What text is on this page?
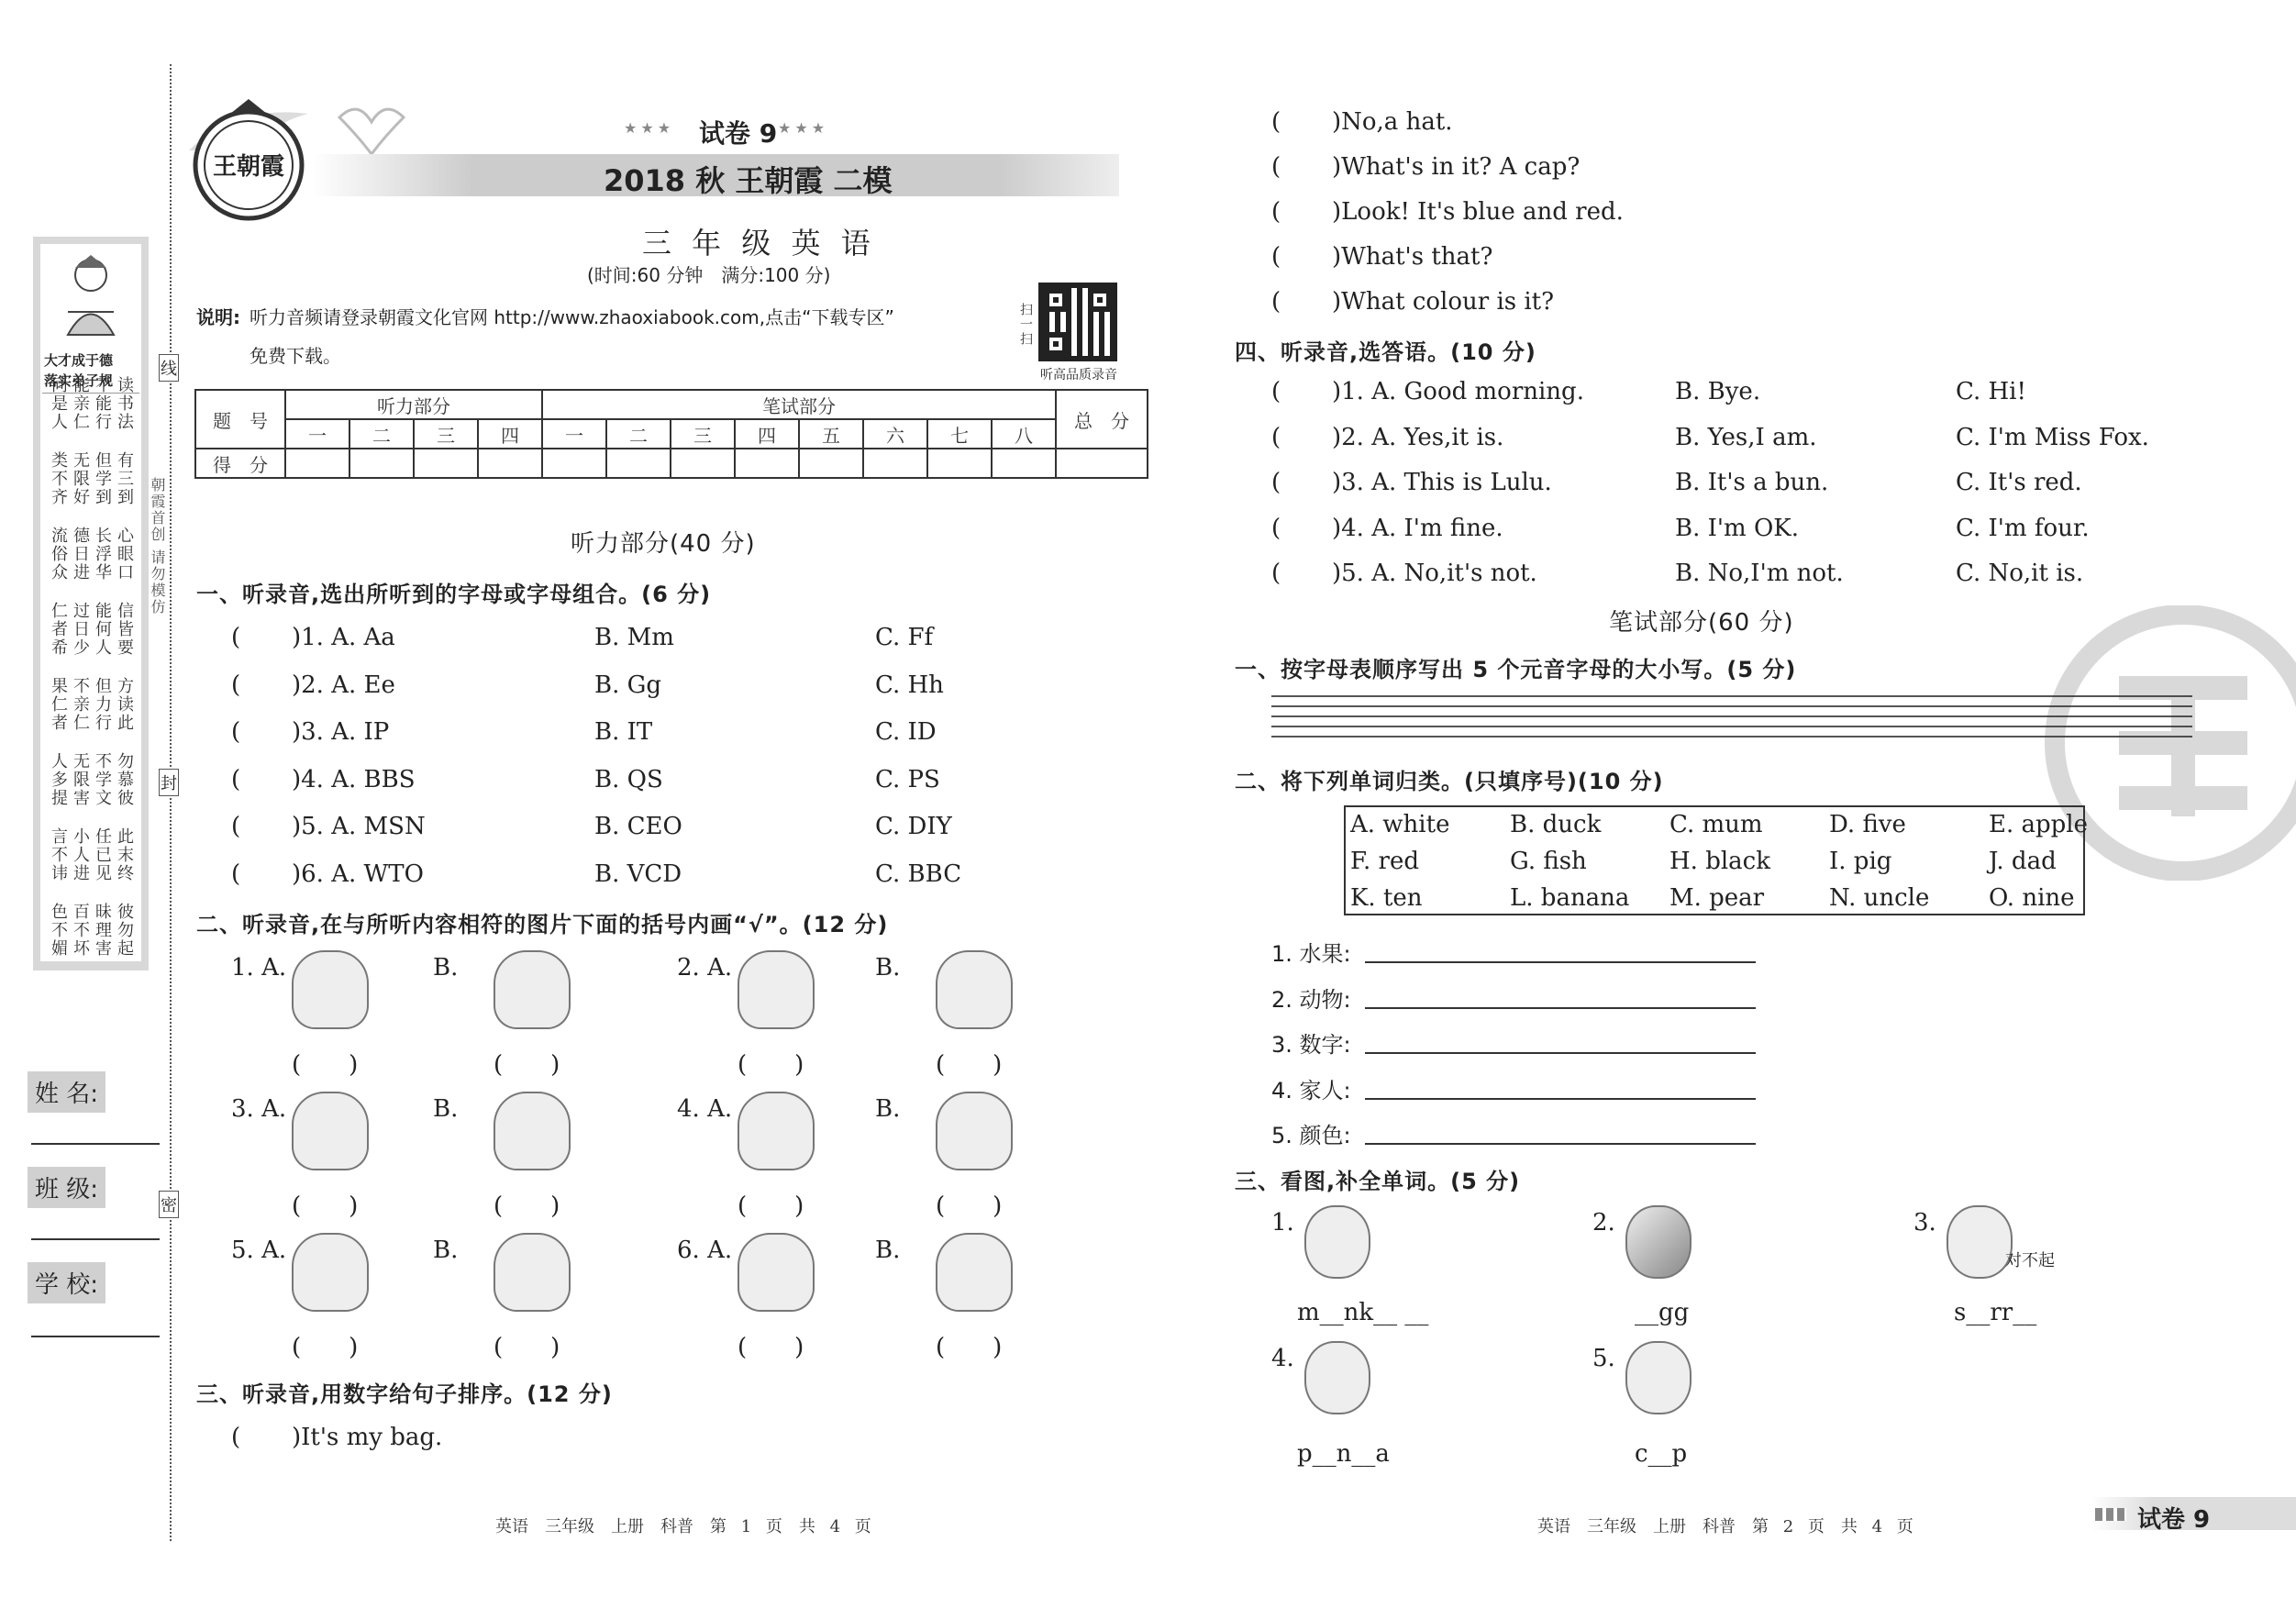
线
封
密
朝霞首创 请勿模仿
大才成于德
落实弟子规 读书法
不能行
能亲仁
同是人
有三到
但学到
无限好
类不齐
心眼口
长浮华
德日进
流俗众
信皆要
能何人
过日少
仁者希
方读此
但力行
不亲仁
果仁者
勿慕彼
不学文
无限害
人多提
此末终
任已见
小人进
言不讳
彼勿起
昧理害
百不坏
色不媚
姓 名:
班 级:
学 校:
王朝霞
试卷 9
★★★	★★★
2018 秋 王朝霞 二模
三 年 级 英 语
(时间:60 分钟　满分:100 分)
说明: 听力音频请登录朝霞文化官网 http://www.zhaoxiabook.com,点击“下载专区”
免费下载。
扫一扫
听高品质录音
题　号	听力部分				笔试部分								总　分
	一	二	三	四	一	二	三	四	五	六	七	八	
得　分													
听力部分(40 分)
一、听录音,选出所听到的字母或字母组合。(6 分)
( )1. A. Aa	B. Mm	C. Ff
( )2. A. Ee	B. Gg	C. Hh
( )3. A. IP	B. IT	C. ID
( )4. A. BBS	B. QS	C. PS
( )5. A. MSN	B. CEO	C. DIY
( )6. A. WTO	B. VCD	C. BBC
二、听录音,在与所听内容相符的图片下面的括号内画“√”。(12 分)
1. A.
(　　)
B.
(　　)
2. A.
(　　)
B.
(　　)
3. A.
(　　)
B.
(　　)
4. A.
(　　)
B.
(　　)
5. A.
(　　)
B.
(　　)
6. A.
(　　)
B.
(　　)
三、听录音,用数字给句子排序。(12 分)
( )It's my bag.
( )No,a hat.
( )What's in it? A cap?
( )Look! It's blue and red.
( )What's that?
( )What colour is it?
英语　三年级　上册　科普　第 1 页　共 4 页
四、听录音,选答语。(10 分)
( )1. A. Good morning.	B. Bye.	C. Hi!
( )2. A. Yes,it is.	B. Yes,I am.	C. I'm Miss Fox.
( )3. A. This is Lulu.	B. It's a bun.	C. It's red.
( )4. A. I'm fine.	B. I'm OK.	C. I'm four.
( )5. A. No,it's not.	B. No,I'm not.	C. No,it is.
笔试部分(60 分)
一、按字母表顺序写出 5 个元音字母的大小写。(5 分)
二、将下列单词归类。(只填序号)(10 分)
A. white	B. duck	C. mum	D. five	E. apple
F. red	G. fish	H. black I. pig	J. dad
K. ten	L. banana M. pear	N. uncle O. nine
1. 水果:
2. 动物:
3. 数字:
4. 家人:
5. 颜色:
三、看图,补全单词。(5 分)
1.
m__nk__ __
2.
__gg
3.
s__rr__
对不起
4.
p__n__a
5.
c__p
英语　三年级　上册　科普　第 2 页　共 4 页	试卷 9
